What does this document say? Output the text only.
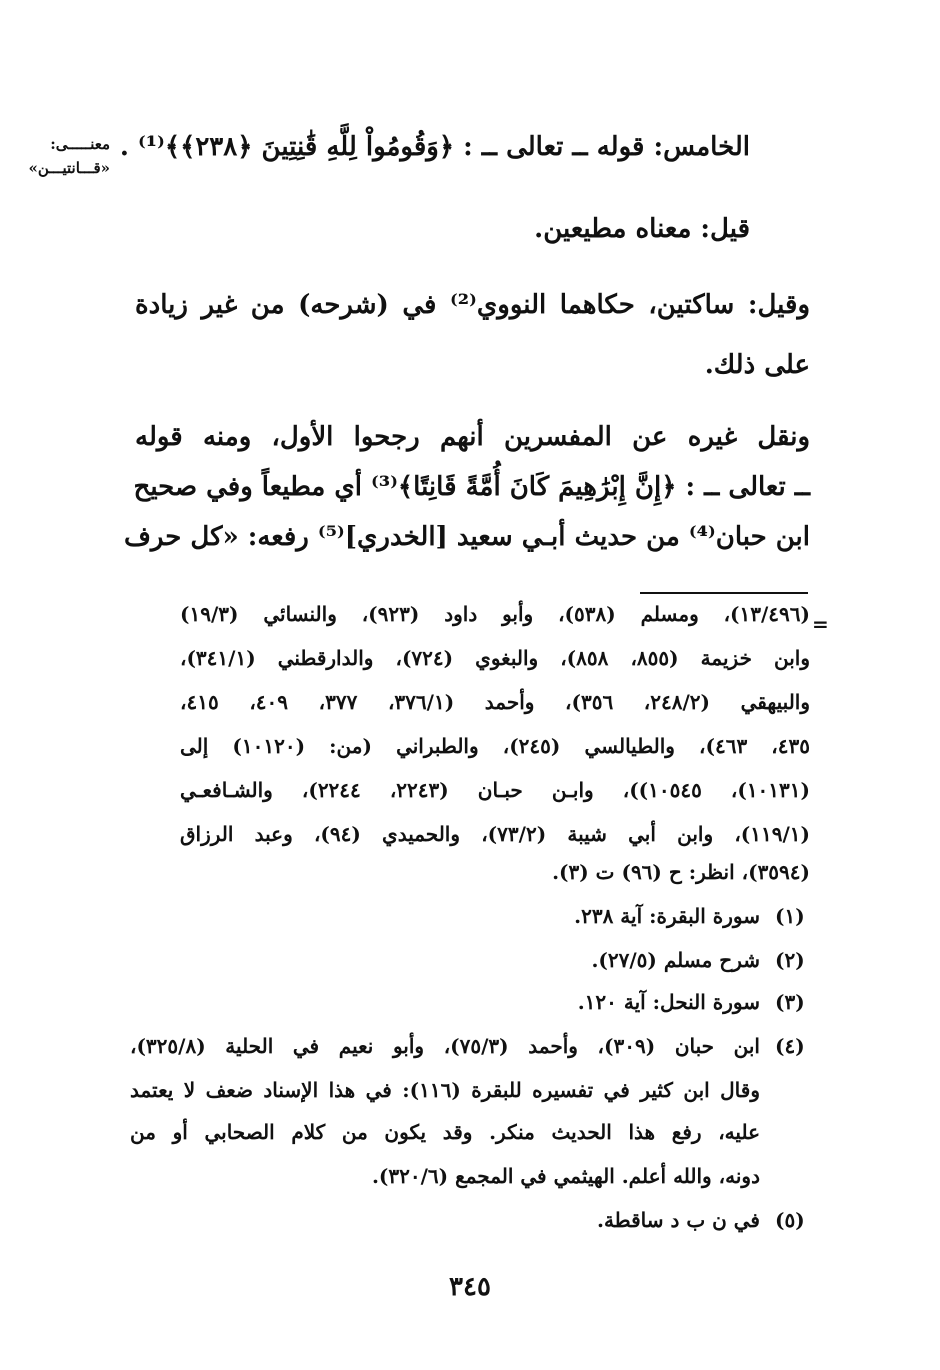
معنـــــى:
«قـــانتيـــن»
الخامس: قوله ــ تعالى ــ : ﴿وَقُومُواْ لِلَّهِ قَٰنِتِينَ ﴿٢٣٨﴾﴾⁽¹⁾ .
قيل: معناه مطيعين.
وقيل: ساكتين، حكاهما النووي⁽²⁾ في (شرحه) من غير زيادة
على ذلك.
ونقل غيره عن المفسرين أنهم رجحوا الأول، ومنه قوله
ــ تعالى ــ : ﴿إِنَّ إِبْرَٰهِيمَ كَانَ أُمَّةً قَانِتًا﴾⁽³⁾ أي مطيعاً وفي صحيح
ابن حبان⁽⁴⁾ من حديث أبـي سعيد [الخدري]⁽⁵⁾ رفعه: «كل حرف
=
(١٣/٤٩٦)، ومسلم (٥٣٨)، وأبو داود (٩٢٣)، والنسائي (١٩/٣)
وابن خزيمة (٨٥٥، ٨٥٨)، والبغوي (٧٢٤)، والدارقطني (٣٤١/١)،
والبيهقي (٢٤٨/٢، ٣٥٦)، وأحمد (٣٧٦/١، ٣٧٧، ٤٠٩، ٤١٥،
٤٣٥، ٤٦٣)، والطيالسي (٢٤٥)، والطبراني (من: (١٠١٢٠) إلى
(١٠١٣١)، ١٠٥٤٥))، وابـن حبـان (٢٢٤٣، ٢٢٤٤)، والشـافعـي
(١١٩/١)، وابن أبي شيبة (٧٣/٢)، والحميدي (٩٤)، وعبد الرزاق
(٣٥٩٤)، انظر: ح (٩٦) ت (٣).
(١)
سورة البقرة: آية ٢٣٨.
(٢)
شرح مسلم (٢٧/٥).
(٣)
سورة النحل: آية ١٢٠.
(٤)
ابن حبان (٣٠٩)، وأحمد (٧٥/٣)، وأبو نعيم في الحلية (٣٢٥/٨)،
وقال ابن كثير في تفسيره للبقرة (١١٦): في هذا الإسناد ضعف لا يعتمد
عليه، رفع هذا الحديث منكر. وقد يكون من كلام الصحابي أو من
دونه، والله أعلم. الهيثمي في المجمع (٣٢٠/٦).
(٥)
في ن ب د ساقطة.
٣٤٥
